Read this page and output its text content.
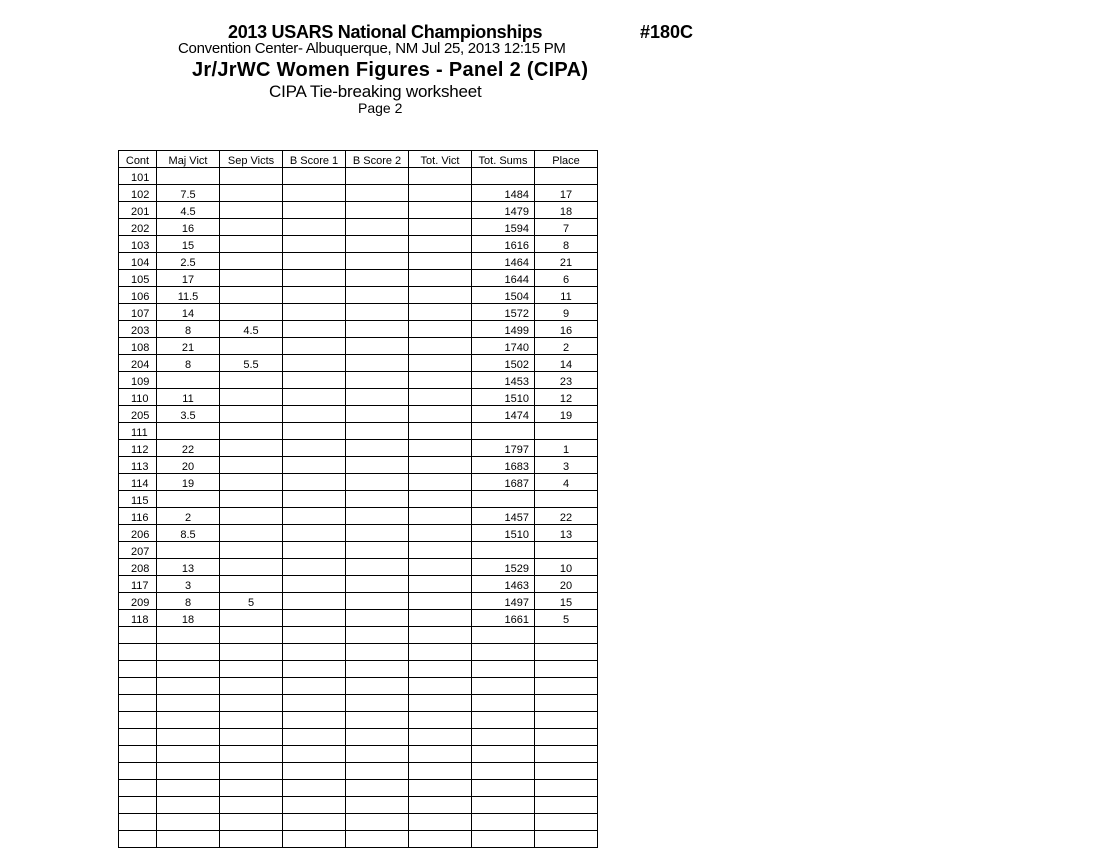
2013 USARS National Championships	#180C
Convention Center- Albuquerque, NM Jul 25, 2013 12:15 PM
Jr/JrWC Women Figures - Panel 2 (CIPA)
CIPA Tie-breaking worksheet
Page 2
Cont	Maj Vict	Sep Victs	B Score 1	B Score 2	Tot. Vict	Tot. Sums	Place
101							
102	7.5					1484	17
201	4.5					1479	18
202	16					1594	7
103	15					1616	8
104	2.5					1464	21
105	17					1644	6
106	11.5					1504	11
107	14					1572	9
203	8	4.5				1499	16
108	21					1740	2
204	8	5.5				1502	14
109						1453	23
110	11					1510	12
205	3.5					1474	19
111							
112	22					1797	1
113	20					1683	3
114	19					1687	4
115							
116	2					1457	22
206	8.5					1510	13
207							
208	13					1529	10
117	3					1463	20
209	8	5				1497	15
118	18					1661	5
